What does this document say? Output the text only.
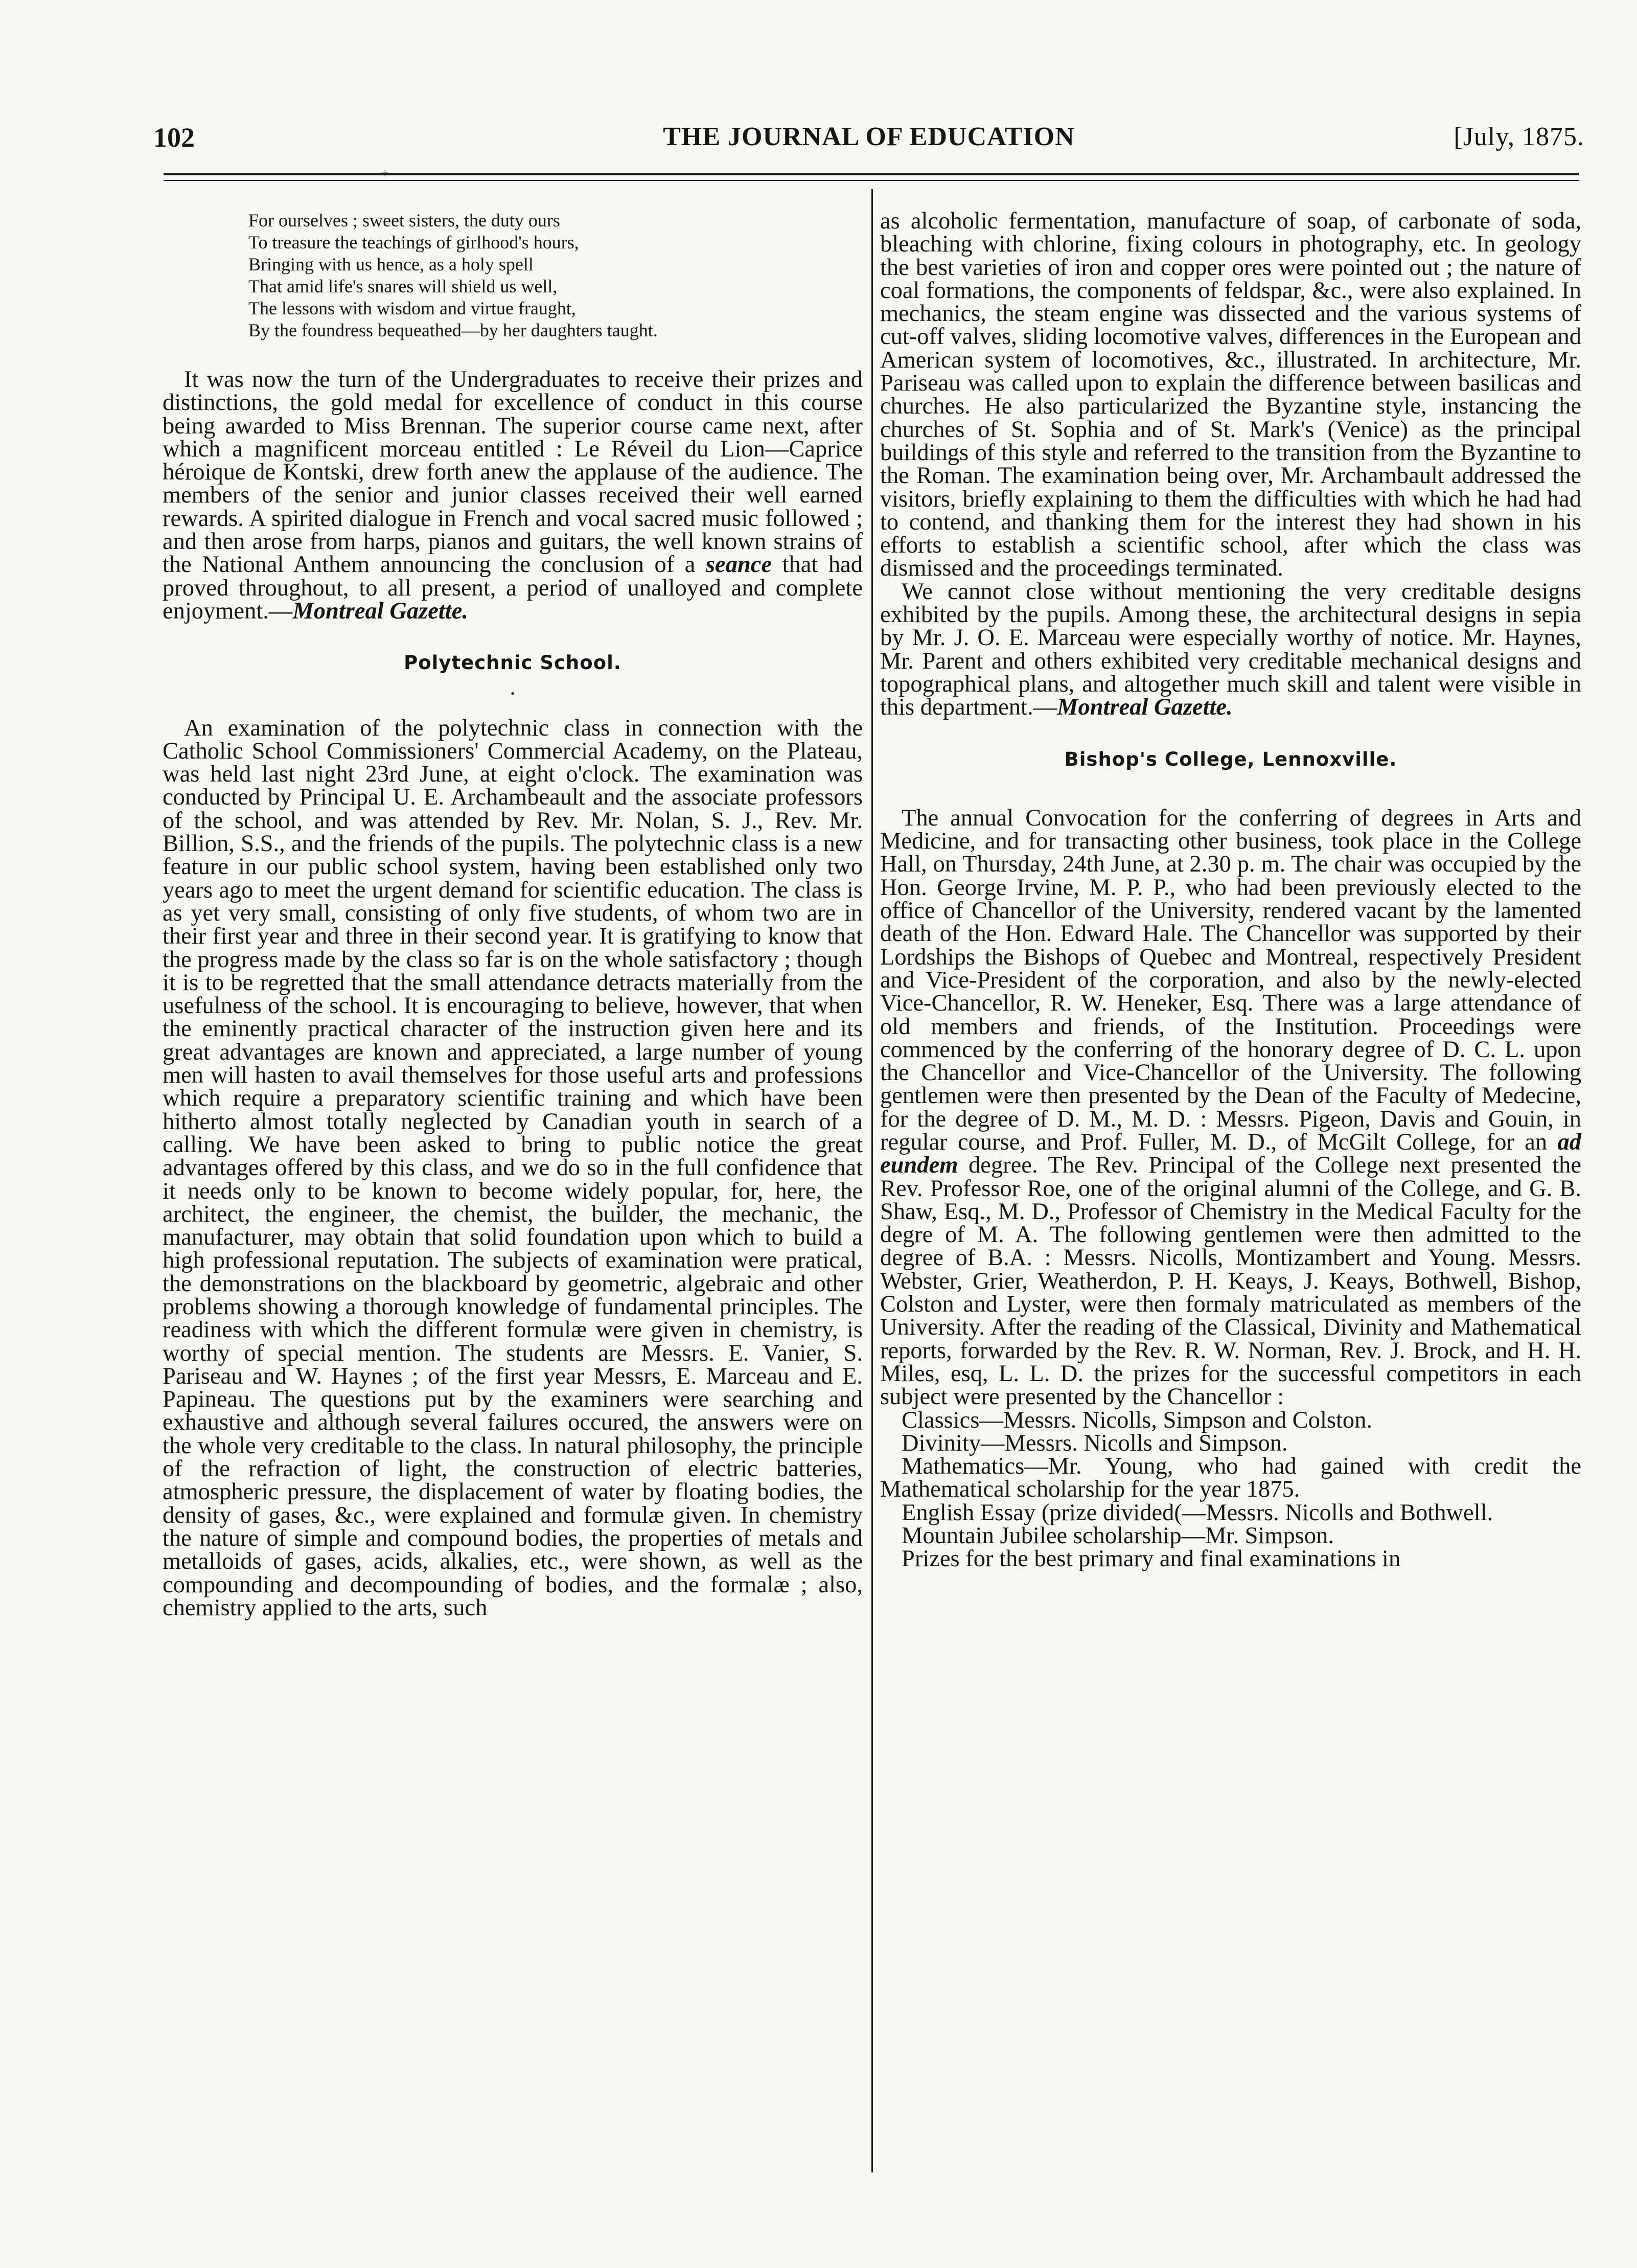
102	THE JOURNAL OF EDUCATION	[July, 1875.
+
For ourselves ; sweet sisters, the duty ours
To treasure the teachings of girlhood's hours,
Bringing with us hence, as a holy spell
That amid life's snares will shield us well,
The lessons with wisdom and virtue fraught,
By the foundress bequeathed—by her daughters taught.

It was now the turn of the Undergraduates to receive their prizes and distinctions, the gold medal for excellence of conduct in this course being awarded to Miss Brennan. The superior course came next, after which a magnificent morceau entitled : Le Réveil du Lion—Caprice héroique de Kontski, drew forth anew the applause of the audience. The members of the senior and junior classes received their well earned rewards. A spirited dialogue in French and vocal sacred music followed ; and then arose from harps, pianos and guitars, the well known strains of the National Anthem announcing the conclusion of a seance that had proved throughout, to all present, a period of unalloyed and complete enjoyment.—Montreal Gazette.

Polytechnic School.
•

An examination of the polytechnic class in connection with the Catholic School Commissioners' Commercial Academy, on the Plateau, was held last night 23rd June, at eight o'clock. The examination was conducted by Principal U. E. Archambeault and the associate professors of the school, and was attended by Rev. Mr. Nolan, S. J., Rev. Mr. Billion, S.S., and the friends of the pupils. The polytechnic class is a new feature in our public school system, having been established only two years ago to meet the urgent demand for scientific education. The class is as yet very small, consisting of only five students, of whom two are in their first year and three in their second year. It is gratifying to know that the progress made by the class so far is on the whole satisfactory ; though it is to be regretted that the small attendance detracts materially from the usefulness of the school. It is encouraging to believe, however, that when the eminently practical character of the instruction given here and its great advantages are known and appreciated, a large number of young men will hasten to avail themselves for those useful arts and professions which require a preparatory scientific training and which have been hitherto almost totally neglected by Canadian youth in search of a calling. We have been asked to bring to public notice the great advantages offered by this class, and we do so in the full confidence that it needs only to be known to become widely popular, for, here, the architect, the engineer, the chemist, the builder, the mechanic, the manufacturer, may obtain that solid foundation upon which to build a high professional reputation. The subjects of examination were pratical, the demonstrations on the blackboard by geometric, algebraic and other problems showing a thorough knowledge of fundamental principles. The readiness with which the different formulæ were given in chemistry, is worthy of special mention. The students are Messrs. E. Vanier, S. Pariseau and W. Haynes ; of the first year Messrs, E. Marceau and E. Papineau. The questions put by the examiners were searching and exhaustive and although several failures occured, the answers were on the whole very creditable to the class. In natural philosophy, the principle of the refraction of light, the construction of electric batteries, atmospheric pressure, the displacement of water by floating bodies, the density of gases, &c., were explained and formulæ given. In chemistry the nature of simple and compound bodies, the properties of metals and metalloids of gases, acids, alkalies, etc., were shown, as well as the compounding and decompounding of bodies, and the formalæ ; also, chemistry applied to the arts, such

as alcoholic fermentation, manufacture of soap, of carbonate of soda, bleaching with chlorine, fixing colours in photography, etc. In geology the best varieties of iron and copper ores were pointed out ; the nature of coal formations, the components of feldspar, &c., were also explained. In mechanics, the steam engine was dissected and the various systems of cut-off valves, sliding locomotive valves, differences in the European and American system of locomotives, &c., illustrated. In architecture, Mr. Pariseau was called upon to explain the difference between basilicas and churches. He also particularized the Byzantine style, instancing the churches of St. Sophia and of St. Mark's (Venice) as the principal buildings of this style and referred to the transition from the Byzantine to the Roman. The examination being over, Mr. Archambault addressed the visitors, briefly explaining to them the difficulties with which he had had to contend, and thanking them for the interest they had shown in his efforts to establish a scientific school, after which the class was dismissed and the proceedings terminated.

We cannot close without mentioning the very creditable designs exhibited by the pupils. Among these, the architectural designs in sepia by Mr. J. O. E. Marceau were especially worthy of notice. Mr. Haynes, Mr. Parent and others exhibited very creditable mechanical designs and topographical plans, and altogether much skill and talent were visible in this department.—Montreal Gazette.

Bishop's College, Lennoxville.

The annual Convocation for the conferring of degrees in Arts and Medicine, and for transacting other business, took place in the College Hall, on Thursday, 24th June, at 2.30 p. m. The chair was occupied by the Hon. George Irvine, M. P. P., who had been previously elected to the office of Chancellor of the University, rendered vacant by the lamented death of the Hon. Edward Hale. The Chancellor was supported by their Lordships the Bishops of Quebec and Montreal, respectively President and Vice-President of the corporation, and also by the newly-elected Vice-Chancellor, R. W. Heneker, Esq. There was a large attendance of old members and friends, of the Institution. Proceedings were commenced by the conferring of the honorary degree of D. C. L. upon the Chancellor and Vice-Chancellor of the University. The following gentlemen were then presented by the Dean of the Faculty of Medecine, for the degree of D. M., M. D. : Messrs. Pigeon, Davis and Gouin, in regular course, and Prof. Fuller, M. D., of McGilt College, for an ad eundem degree. The Rev. Principal of the College next presented the Rev. Professor Roe, one of the original alumni of the College, and G. B. Shaw, Esq., M. D., Professor of Chemistry in the Medical Faculty for the degre of M. A. The following gentlemen were then admitted to the degree of B.A. : Messrs. Nicolls, Montizambert and Young. Messrs. Webster, Grier, Weatherdon, P. H. Keays, J. Keays, Bothwell, Bishop, Colston and Lyster, were then formaly matriculated as members of the University. After the reading of the Classical, Divinity and Mathematical reports, forwarded by the Rev. R. W. Norman, Rev. J. Brock, and H. H. Miles, esq, L. L. D. the prizes for the successful competitors in each subject were presented by the Chancellor :

Classics—Messrs. Nicolls, Simpson and Colston.
Divinity—Messrs. Nicolls and Simpson.
Mathematics—Mr. Young, who had gained with credit the Mathematical scholarship for the year 1875.
English Essay (prize divided(—Messrs. Nicolls and Bothwell.
Mountain Jubilee scholarship—Mr. Simpson.
Prizes for the best primary and final examinations in
